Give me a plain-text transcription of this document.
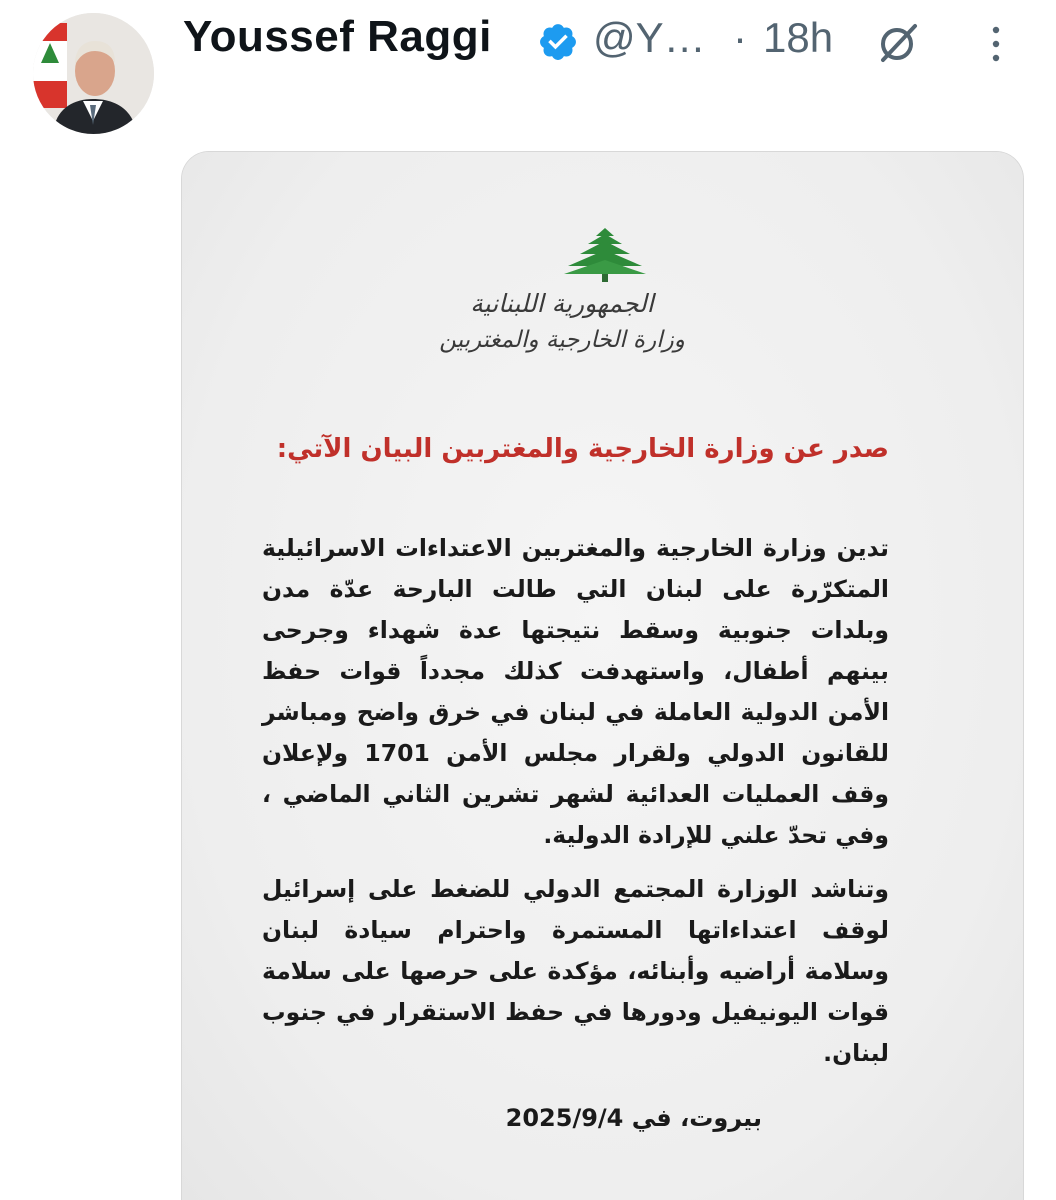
Youssef Raggi @Y… · 18h
الجمهورية اللبنانية
وزارة الخارجية والمغتربين
صدر عن وزارة الخارجية والمغتربين البيان الآتي:
تدين وزارة الخارجية والمغتربين الاعتداءات الاسرائيلية المتكرّرة على لبنان التي طالت البارحة عدّة مدن وبلدات جنوبية وسقط نتيجتها عدة شهداء وجرحى بينهم أطفال، واستهدفت كذلك مجدداً قوات حفظ الأمن الدولية العاملة في لبنان في خرق واضح ومباشر للقانون الدولي ولقرار مجلس الأمن 1701 ولإعلان وقف العمليات العدائية لشهر تشرين الثاني الماضي ، وفي تحدّ علني للإرادة الدولية.
وتناشد الوزارة المجتمع الدولي للضغط على إسرائيل لوقف اعتداءاتها المستمرة واحترام سيادة لبنان وسلامة أراضيه وأبنائه، مؤكدة على حرصها على سلامة قوات اليونيفيل ودورها في حفظ الاستقرار في جنوب لبنان.
بيروت، في 2025/9/4
